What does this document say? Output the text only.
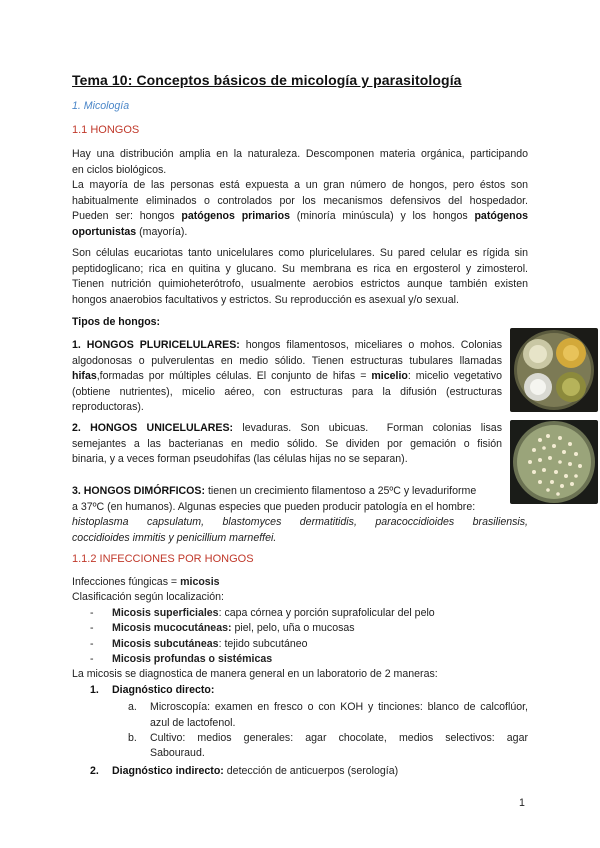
Tema 10: Conceptos básicos de micología y parasitología
1. Micología
1.1 HONGOS
Hay una distribución amplia en la naturaleza. Descomponen materia orgánica, participando
en ciclos biológicos.
La mayoría de las personas está expuesta a un gran número de hongos, pero éstos son
habitualmente eliminados o controlados por los mecanismos defensivos del hospedador.
Pueden ser: hongos patógenos primarios (minoría minúscula) y los hongos patógenos
oportunistas (mayoría).
Son células eucariotas tanto unicelulares como pluricelulares. Su pared celular es rígida sin
peptidoglicano; rica en quitina y glucano. Su membrana es rica en ergosterol y zimosterol.
Tienen nutrición quimioheterótrofo, usualmente aerobios estrictos aunque también existen
hongos anaerobios facultativos y estrictos. Su reproducción es asexual y/o sexual.
Tipos de hongos:
1. HONGOS PLURICELULARES: hongos filamentosos, miceliares o mohos. Colonias
algodonosas o pulverulentas en medio sólido. Tienen estructuras tubulares llamadas
hifas,formadas por múltiples células. El conjunto de hifas = micelio: micelio vegetativo
(obtiene nutrientes), micelio aéreo, con estructuras para la difusión (estructuras
reproductoras).
2. HONGOS UNICELULARES: levaduras. Son ubicuas.  Forman colonias lisas
semejantes a las bacterianas en medio sólido. Se dividen por gemación o fisión
binaria, y a veces forman pseudohifas (las células hijas no se separan).
3. HONGOS DIMÓRFICOS: tienen un crecimiento filamentoso a 25ºC y levaduriforme
a 37ºC (en humanos). Algunas especies que pueden producir patología en el hombre:
histoplasma capsulatum, blastomyces dermatitidis, paracoccidioides brasiliensis,
coccidioides immitis y penicillium marneffei.
1.1.2 INFECCIONES POR HONGOS
Infecciones fúngicas = micosis
Clasificación según localización:
- Micosis superficiales: capa córnea y porción suprafolicular del pelo
- Micosis mucocutáneas: piel, pelo, uña o mucosas
- Micosis subcutáneas: tejido subcutáneo
- Micosis profundas o sistémicas
La micosis se diagnostica de manera general en un laboratorio de 2 maneras:
1. Diagnóstico directo:
a. Microscopía: examen en fresco o con KOH y tinciones: blanco de calcoflúor,
azul de lactofenol.
b. Cultivo: medios generales: agar chocolate, medios selectivos: agar
Sabouraud.
2. Diagnóstico indirecto: detección de anticuerpos (serología)
1
